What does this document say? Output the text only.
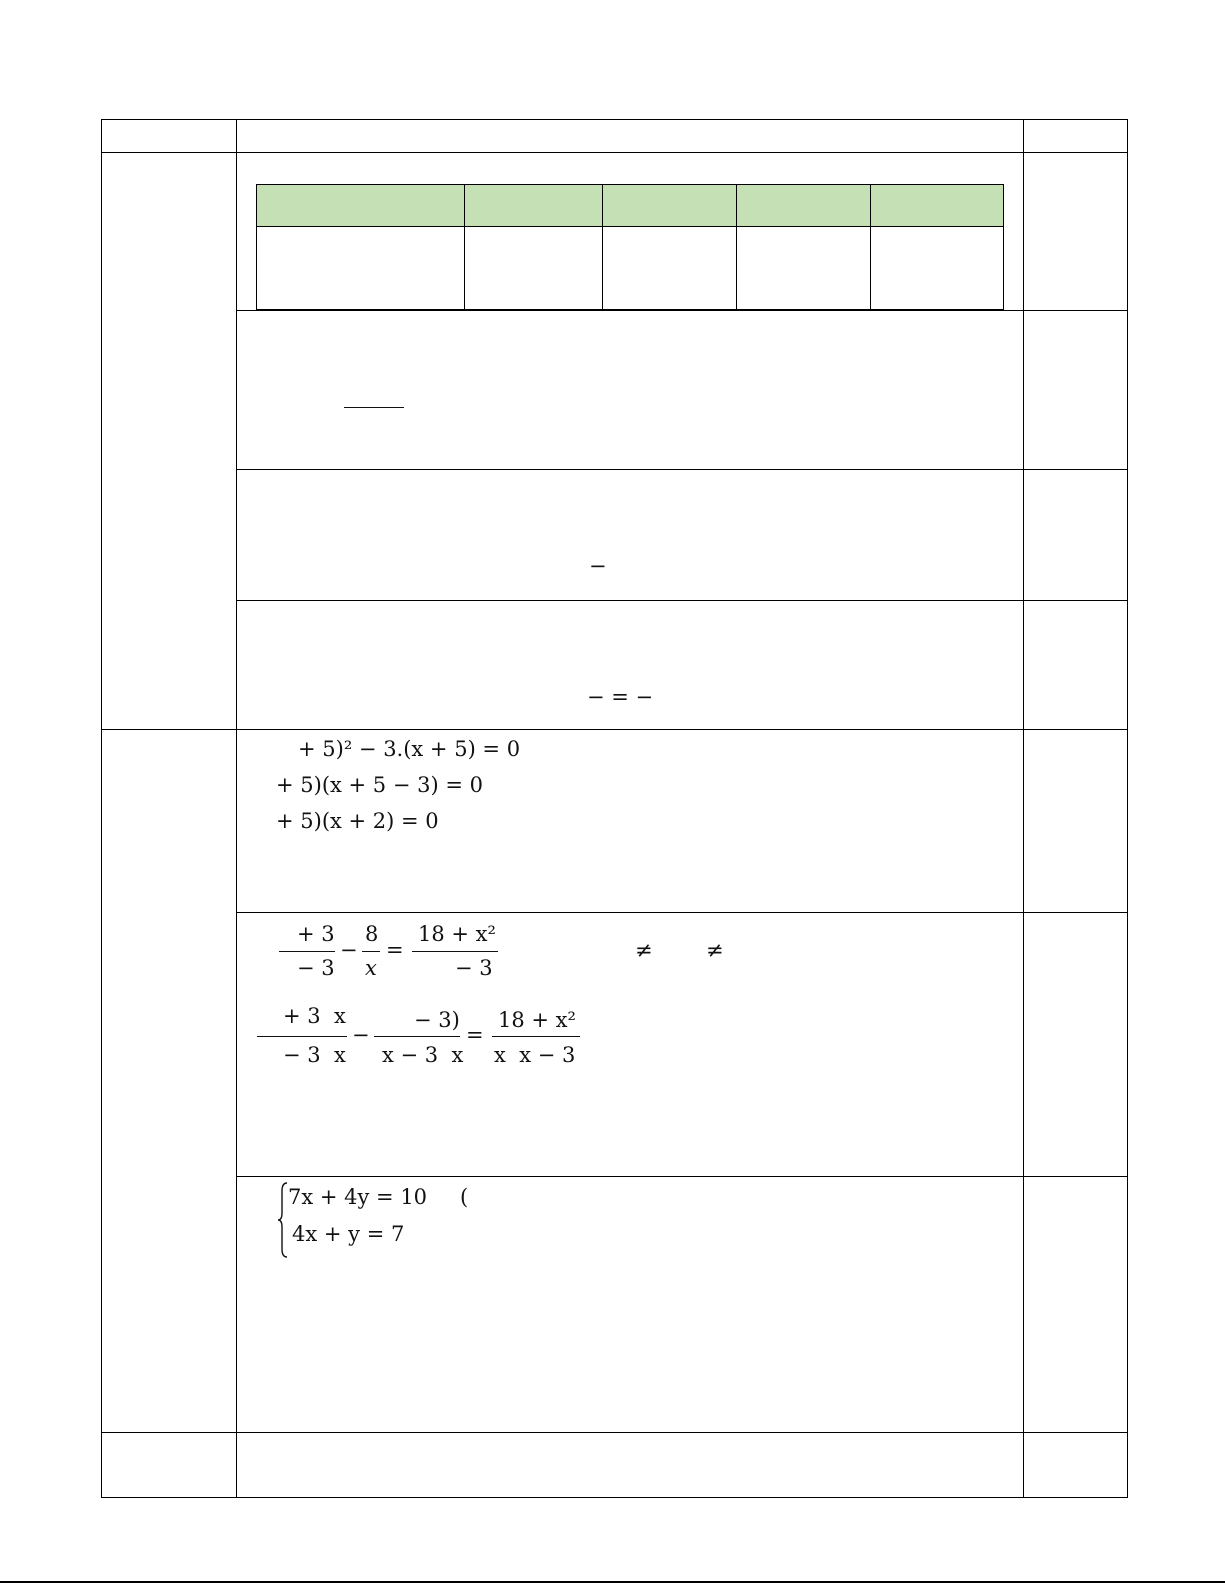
−
− = −
+ 5)² − 3.(x + 5) = 0
+ 5)(x + 5 − 3) = 0
+ 5)(x + 2) = 0
+ 3
− 3
−
8
x
=
18 + x²
− 3
≠	≠
+ 3  x
− 3  x
−
− 3)
x − 3  x
=
18 + x²
x  x − 3
7x + 4y = 10 (
4x + y = 7
